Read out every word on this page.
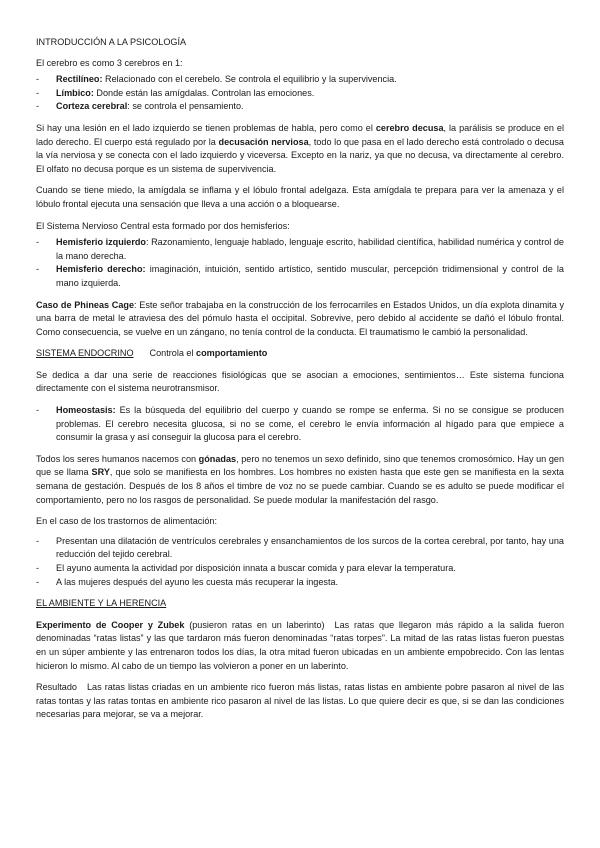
INTRODUCCIÓN A LA PSICOLOGÍA

El cerebro es como 3 cerebros en 1:

- Rectilíneo: Relacionado con el cerebelo. Se controla el equilibrio y la supervivencia.
- Límbico: Donde están las amígdalas. Controlan las emociones.
- Corteza cerebral: se controla el pensamiento.

Si hay una lesión en el lado izquierdo se tienen problemas de habla, pero como el cerebro decusa, la parálisis se produce en el lado derecho. El cuerpo está regulado por la decusación nerviosa, todo lo que pasa en el lado derecho está controlado o decusa la vía nerviosa y se conecta con el lado izquierdo y viceversa. Excepto en la nariz, ya que no decusa, va directamente al cerebro. El olfato no decusa porque es un sistema de supervivencia.

Cuando se tiene miedo, la amígdala se inflama y el lóbulo frontal adelgaza. Esta amígdala te prepara para ver la amenaza y el lóbulo frontal ejecuta una sensación que lleva a una acción o a bloquearse.

El Sistema Nervioso Central esta formado por dos hemisferios:

- Hemisferio izquierdo: Razonamiento, lenguaje hablado, lenguaje escrito, habilidad científica, habilidad numérica y control de la mano derecha.
- Hemisferio derecho: imaginación, intuición, sentido artístico, sentido muscular, percepción tridimensional y control de la mano izquierda.

Caso de Phineas Cage: Este señor trabajaba en la construcción de los ferrocarriles en Estados Unidos, un día explota dinamita y una barra de metal le atraviesa des del pómulo hasta el occipital. Sobrevive, pero debido al accidente se dañó el lóbulo frontal. Como consecuencia, se vuelve en un zángano, no tenía control de la conducta. El traumatismo le cambió la personalidad.

SISTEMA ENDOCRINO Controla el comportamiento

Se dedica a dar una serie de reacciones fisiológicas que se asocian a emociones, sentimientos… Este sistema funciona directamente con el sistema neurotransmisor.

- Homeostasis: Es la búsqueda del equilibrio del cuerpo y cuando se rompe se enferma. Si no se consigue se producen problemas. El cerebro necesita glucosa, si no se come, el cerebro le envía información al hígado para que empiece a consumir la grasa y así conseguir la glucosa para el cerebro.

Todos los seres humanos nacemos con gónadas, pero no tenemos un sexo definido, sino que tenemos cromosómico. Hay un gen que se llama SRY, que solo se manifiesta en los hombres. Los hombres no existen hasta que este gen se manifiesta en la sexta semana de gestación. Después de los 8 años el timbre de voz no se puede cambiar. Cuando se es adulto se puede modificar el comportamiento, pero no los rasgos de personalidad. Se puede modular la manifestación del rasgo.

En el caso de los trastornos de alimentación:

- Presentan una dilatación de ventrículos cerebrales y ensanchamientos de los surcos de la cortea cerebral, por tanto, hay una reducción del tejido cerebral.
- El ayuno aumenta la actividad por disposición innata a buscar comida y para elevar la temperatura.
- A las mujeres después del ayuno les cuesta más recuperar la ingesta.

EL AMBIENTE Y LA HERENCIA

Experimento de Cooper y Zubek (pusieron ratas en un laberinto) Las ratas que llegaron más rápido a la salida fueron denominadas “ratas listas” y las que tardaron más fueron denominadas “ratas torpes”. La mitad de las ratas listas fueron puestas en un súper ambiente y las entrenaron todos los días, la otra mitad fueron ubicadas en un ambiente empobrecido. Con las lentas hicieron lo mismo. Al cabo de un tiempo las volvieron a poner en un laberinto.

Resultado Las ratas listas criadas en un ambiente rico fueron más listas, ratas listas en ambiente pobre pasaron al nivel de las ratas tontas y las ratas tontas en ambiente rico pasaron al nivel de las listas. Lo que quiere decir es que, si se dan las condiciones necesarias para mejorar, se va a mejorar.
